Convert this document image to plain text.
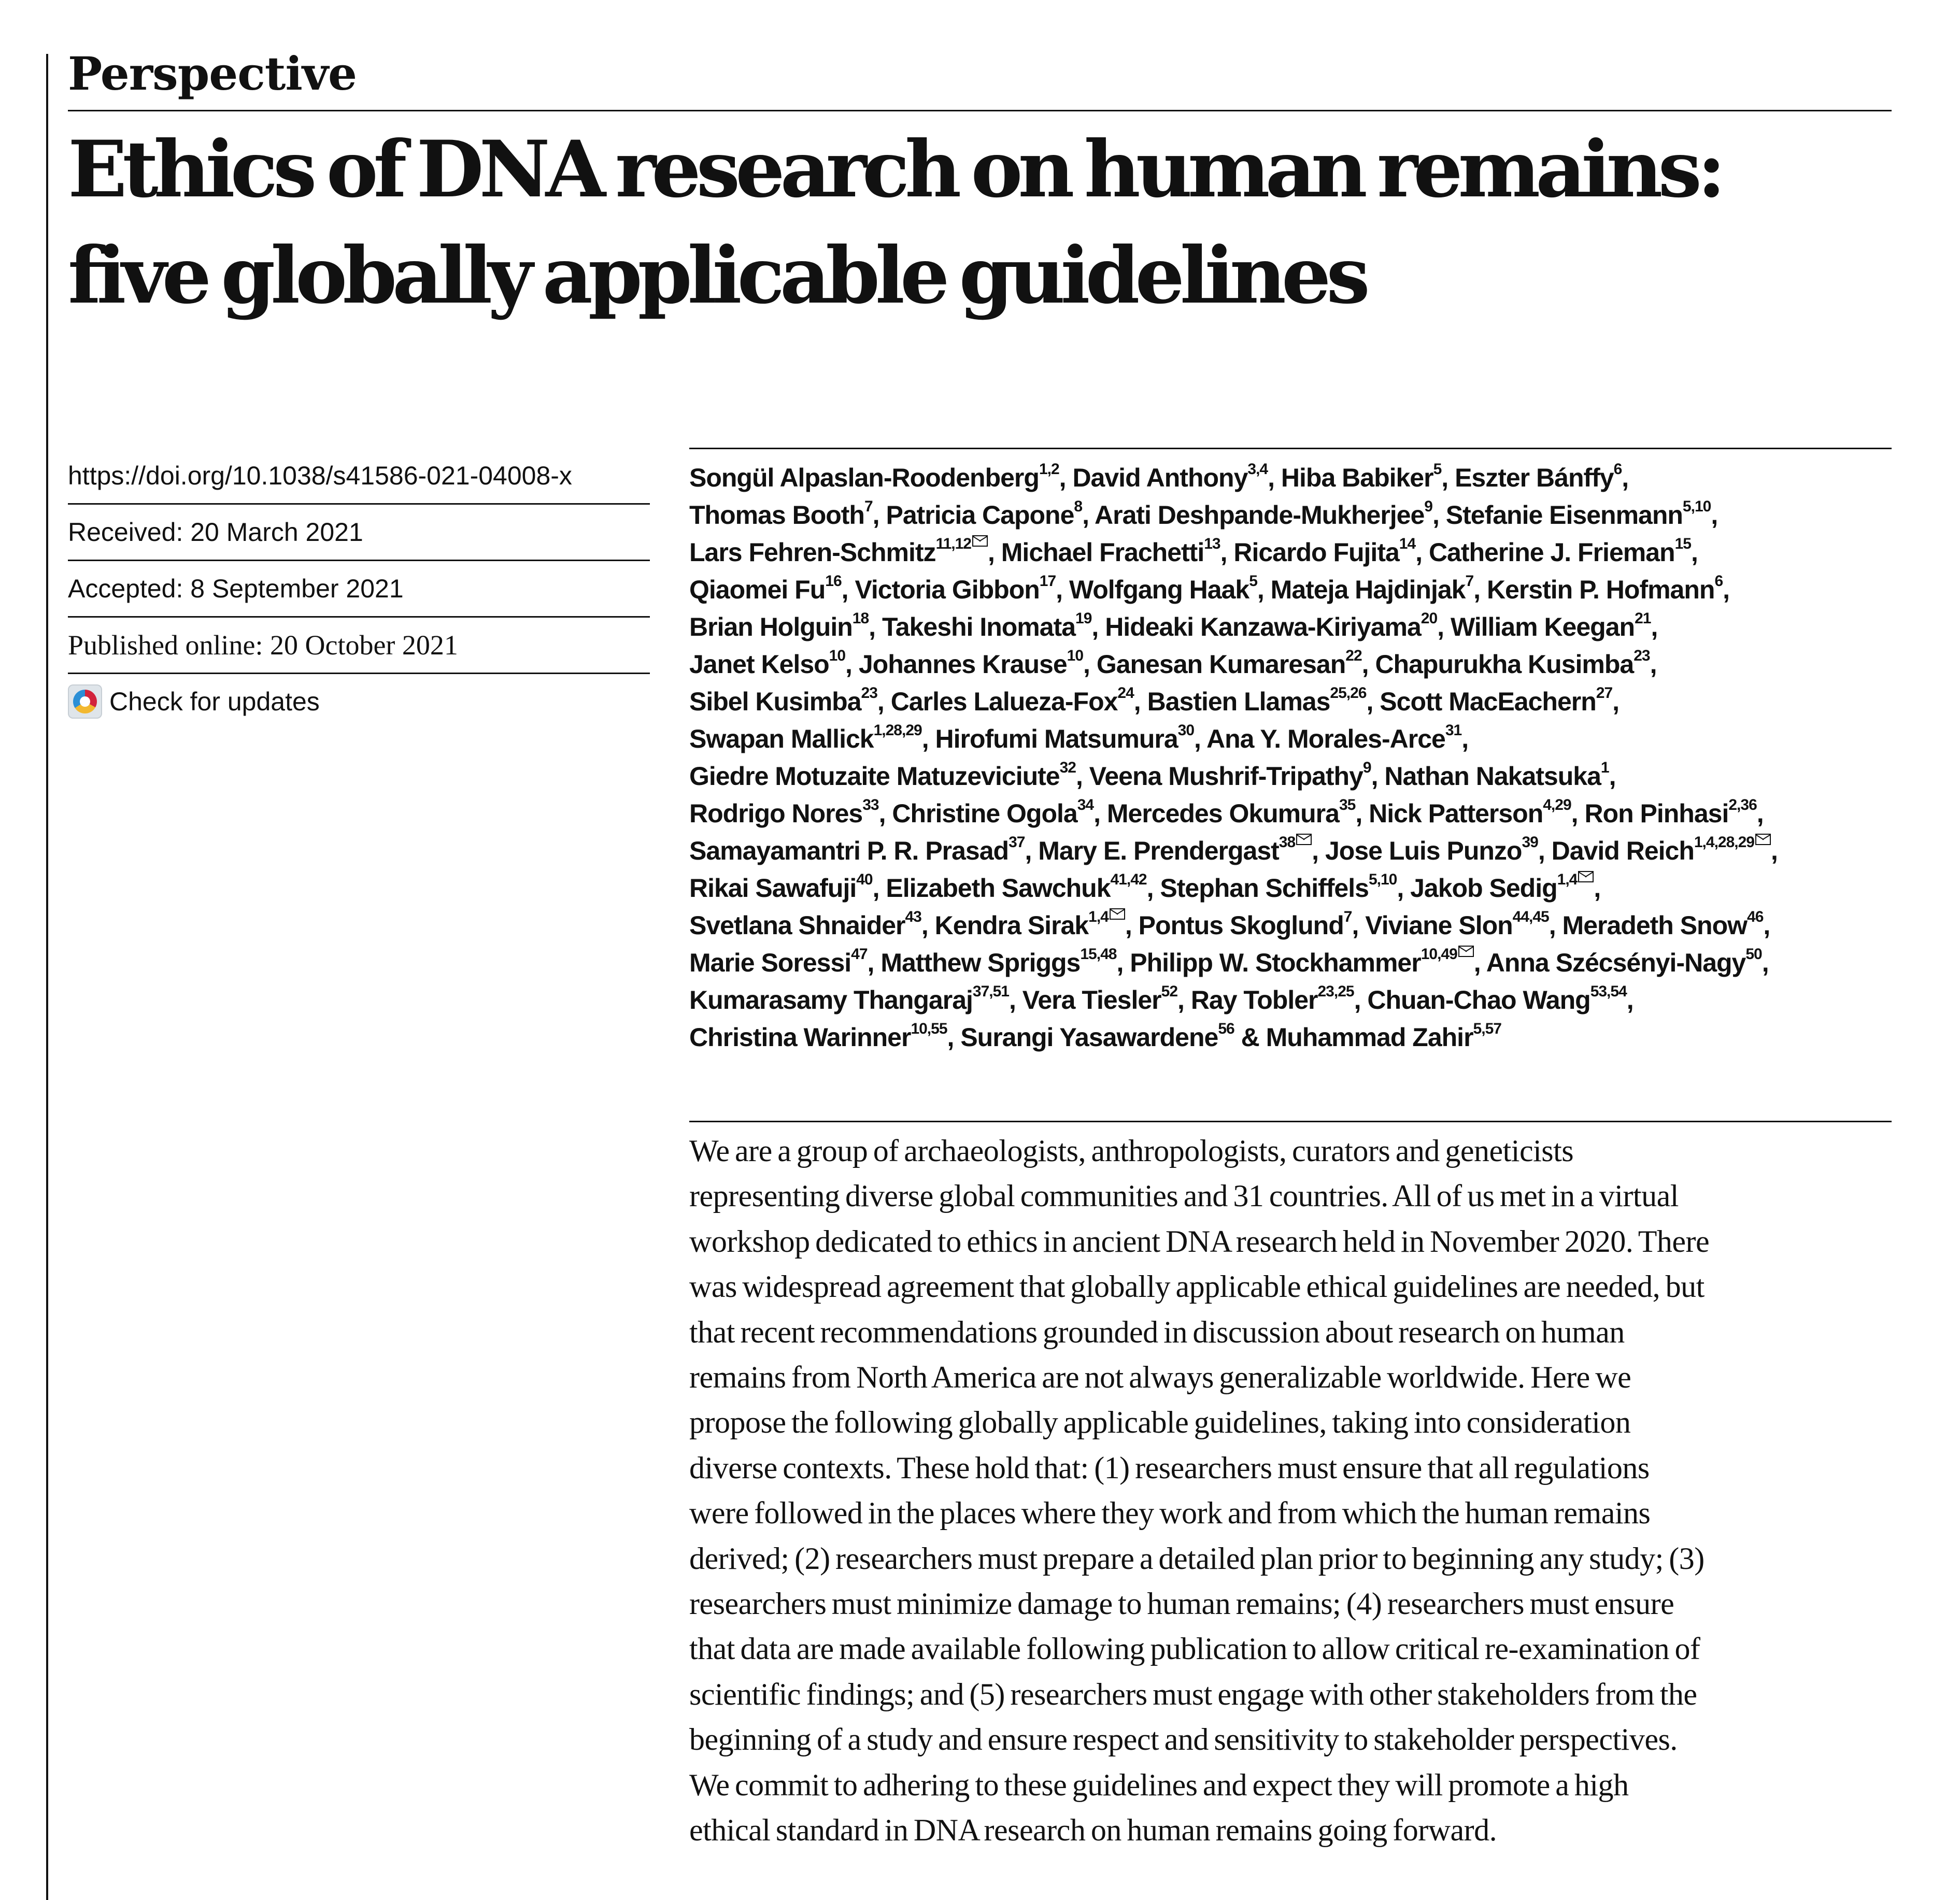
Perspective
Ethics of DNA research on human remains:
five globally applicable guidelines
https://doi.org/10.1038/s41586-021-04008-x
Received: 20 March 2021
Accepted: 8 September 2021
Published online: 20 October 2021
Check for updates
Songül Alpaslan-Roodenberg$^{1,2}$, David Anthony$^{3,4}$, Hiba Babiker$^5$, Eszter Bánffy$^6$,
Thomas Booth$^7$, Patricia Capone$^8$, Arati Deshpande-Mukherjee$^9$, Stefanie Eisenmann$^{5,10}$,
Lars Fehren-Schmitz$^{11,12}$ , Michael Frachetti$^{13}$, Ricardo Fujita$^{14}$, Catherine J. Frieman$^{15}$,
Qiaomei Fu$^{16}$, Victoria Gibbon$^{17}$, Wolfgang Haak$^5$, Mateja Hajdinjak$^7$, Kerstin P. Hofmann$^6$,
Brian Holguin$^{18}$, Takeshi Inomata$^{19}$, Hideaki Kanzawa-Kiriyama$^{20}$, William Keegan$^{21}$,
Janet Kelso$^{10}$, Johannes Krause$^{10}$, Ganesan Kumaresan$^{22}$, Chapurukha Kusimba$^{23}$,
Sibel Kusimba$^{23}$, Carles Lalueza-Fox$^{24}$, Bastien Llamas$^{25,26}$, Scott MacEachern$^{27}$,
Swapan Mallick$^{1,28,29}$, Hirofumi Matsumura$^{30}$, Ana Y. Morales-Arce$^{31}$,
Giedre Motuzaite Matuzeviciute$^{32}$, Veena Mushrif-Tripathy$^9$, Nathan Nakatsuka$^1$,
Rodrigo Nores$^{33}$, Christine Ogola$^{34}$, Mercedes Okumura$^{35}$, Nick Patterson$^{4,29}$, Ron Pinhasi$^{2,36}$,
Samayamantri P. R. Prasad$^{37}$, Mary E. Prendergast$^{38}$ , Jose Luis Punzo$^{39}$, David Reich$^{1,4,28,29}$ ,
Rikai Sawafuji$^{40}$, Elizabeth Sawchuk$^{41,42}$, Stephan Schiffels$^{5,10}$, Jakob Sedig$^{1,4}$ ,
Svetlana Shnaider$^{43}$, Kendra Sirak$^{1,4}$ , Pontus Skoglund$^7$, Viviane Slon$^{44,45}$, Meradeth Snow$^{46}$,
Marie Soressi$^{47}$, Matthew Spriggs$^{15,48}$, Philipp W. Stockhammer$^{10,49}$ , Anna Szécsényi-Nagy$^{50}$,
Kumarasamy Thangaraj$^{37,51}$, Vera Tiesler$^{52}$, Ray Tobler$^{23,25}$, Chuan-Chao Wang$^{53,54}$,
Christina Warinner$^{10,55}$, Surangi Yasawardene$^{56}$ & Muhammad Zahir$^{5,57}$

We are a group of archaeologists, anthropologists, curators and geneticists
representing diverse global communities and 31 countries. All of us met in a virtual
workshop dedicated to ethics in ancient DNA research held in November 2020. There
was widespread agreement that globally applicable ethical guidelines are needed, but
that recent recommendations grounded in discussion about research on human
remains from North America are not always generalizable worldwide. Here we
propose the following globally applicable guidelines, taking into consideration
diverse contexts. These hold that: (1) researchers must ensure that all regulations
were followed in the places where they work and from which the human remains
derived; (2) researchers must prepare a detailed plan prior to beginning any study; (3)
researchers must minimize damage to human remains; (4) researchers must ensure
that data are made available following publication to allow critical re-examination of
scientific findings; and (5) researchers must engage with other stakeholders from the
beginning of a study and ensure respect and sensitivity to stakeholder perspectives.
We commit to adhering to these guidelines and expect they will promote a high
ethical standard in DNA research on human remains going forward.
